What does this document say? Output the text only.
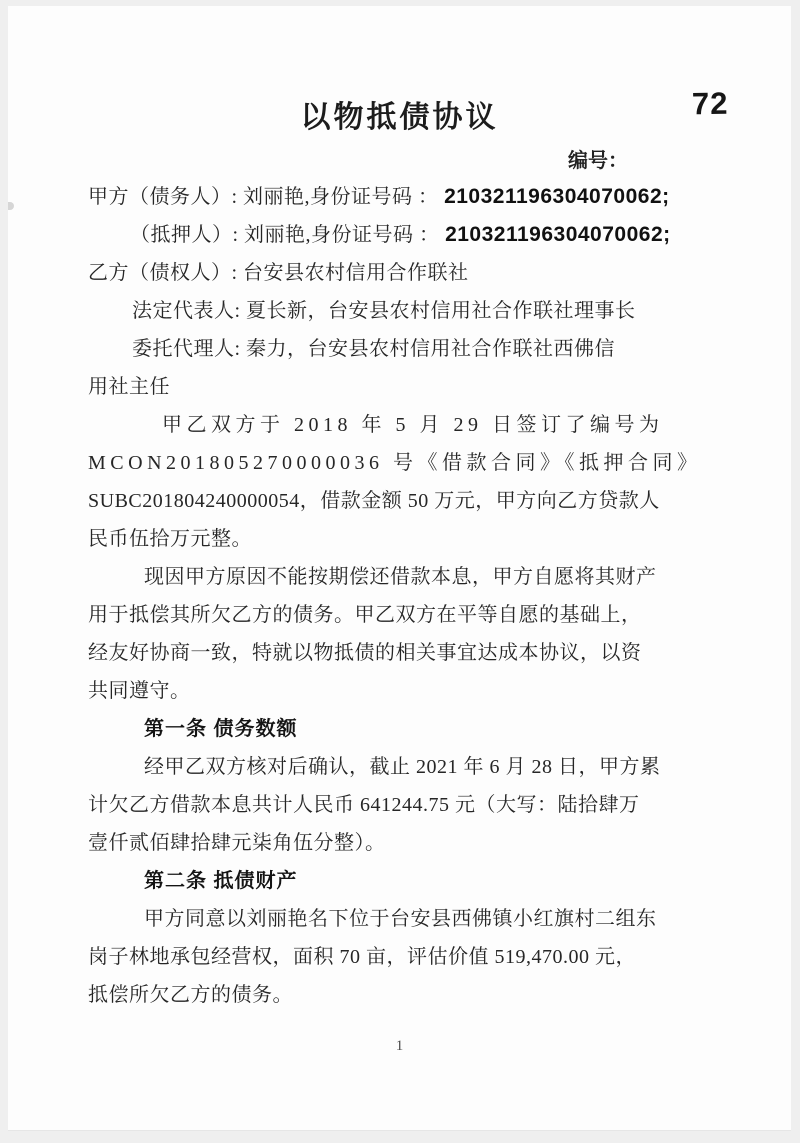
以物抵债协议	72
编号：
甲方（债务人）: 刘丽艳,身份证号码 ： 210321196304070062;
（抵押人）: 刘丽艳,身份证号码 ： 210321196304070062;
乙方（债权人）: 台安县农村信用合作联社
法定代表人: 夏长新，台安县农村信用社合作联社理事长
委托代理人: 秦力，台安县农村信用社合作联社西佛信
用社主任
甲乙双方于 2018 年 5 月 29 日签订了编号为
MCON201805270000036 号《借款合同》《抵押合同》
SUBC201804240000054，借款金额 50 万元，甲方向乙方贷款人
民币伍拾万元整。
现因甲方原因不能按期偿还借款本息，甲方自愿将其财产
用于抵偿其所欠乙方的债务。甲乙双方在平等自愿的基础上，
经友好协商一致，特就以物抵债的相关事宜达成本协议，以资
共同遵守。
第一条 债务数额
经甲乙双方核对后确认，截止 2021 年 6 月 28 日，甲方累
计欠乙方借款本息共计人民币 641244.75 元（大写：陆拾肆万
壹仟贰佰肆拾肆元柒角伍分整）。
第二条 抵债财产
甲方同意以刘丽艳名下位于台安县西佛镇小红旗村二组东
岗子林地承包经营权，面积 70 亩，评估价值 519,470.00 元，
抵偿所欠乙方的债务。
1
